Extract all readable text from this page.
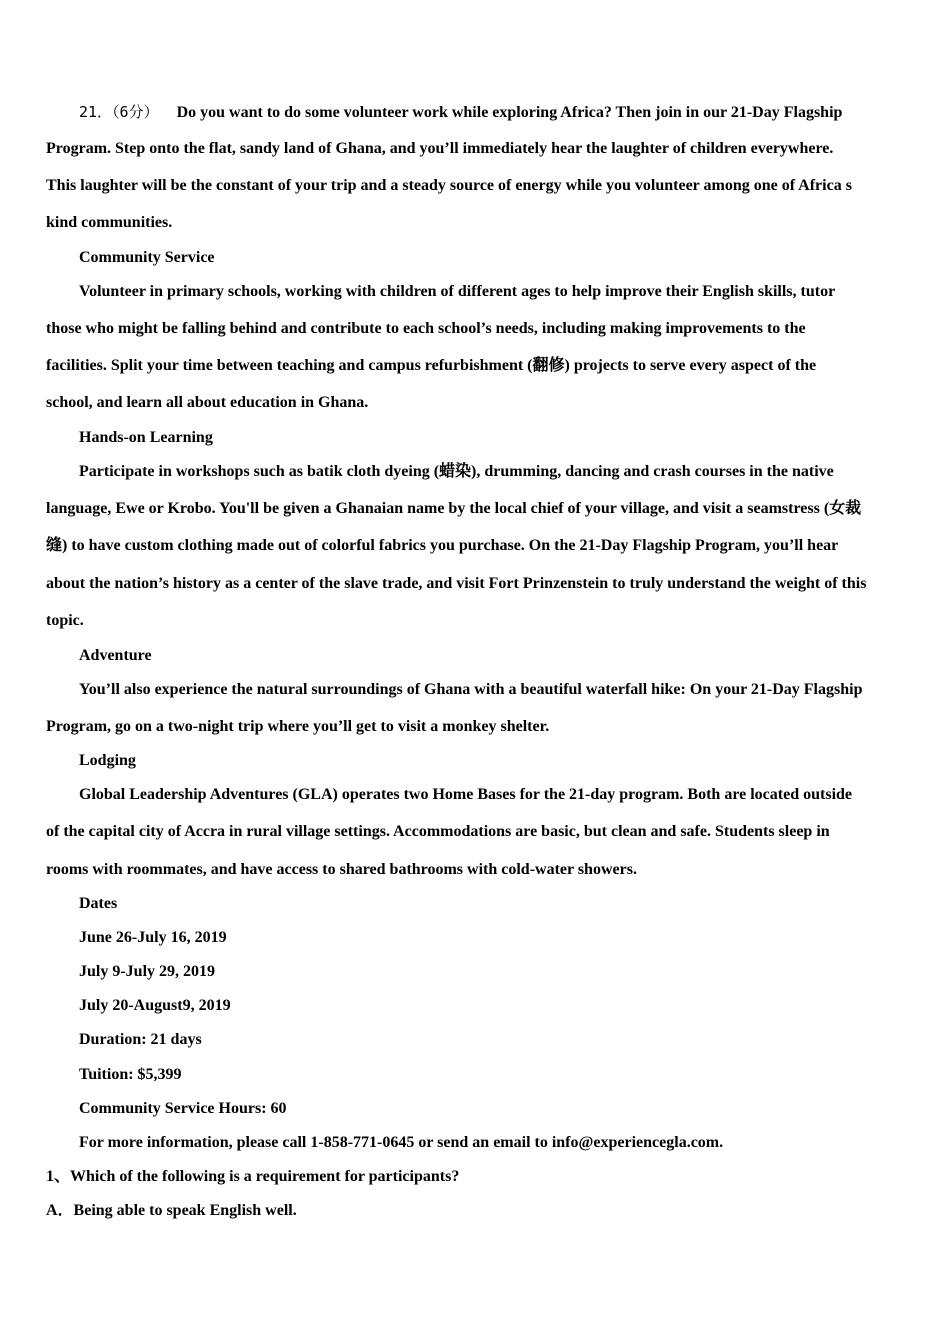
21．（6分） Do you want to do some volunteer work while exploring Africa? Then join in our 21-Day Flagship
Program. Step onto the flat, sandy land of Ghana, and you’ll immediately hear the laughter of children everywhere.
This laughter will be the constant of your trip and a steady source of energy while you volunteer among one of Africa s
kind communities.
Community Service
Volunteer in primary schools, working with children of different ages to help improve their English skills, tutor
those who might be falling behind and contribute to each school’s needs, including making improvements to the
facilities. Split your time between teaching and campus refurbishment (翻修) projects to serve every aspect of the
school, and learn all about education in Ghana.
Hands-on Learning
Participate in workshops such as batik cloth dyeing (蜡染), drumming, dancing and crash courses in the native
language, Ewe or Krobo. You'll be given a Ghanaian name by the local chief of your village, and visit a seamstress (女裁
缝) to have custom clothing made out of colorful fabrics you purchase. On the 21-Day Flagship Program, you’ll hear
about the nation’s history as a center of the slave trade, and visit Fort Prinzenstein to truly understand the weight of this
topic.
Adventure
You’ll also experience the natural surroundings of Ghana with a beautiful waterfall hike: On your 21-Day Flagship
Program, go on a two-night trip where you’ll get to visit a monkey shelter.
Lodging
Global Leadership Adventures (GLA) operates two Home Bases for the 21-day program. Both are located outside
of the capital city of Accra in rural village settings. Accommodations are basic, but clean and safe. Students sleep in
rooms with roommates, and have access to shared bathrooms with cold-water showers.
Dates
June 26-July 16, 2019
July 9-July 29, 2019
July 20-August9, 2019
Duration: 21 days
Tuition: $5,399
Community Service Hours: 60
For more information, please call 1-858-771-0645 or send an email to info@experiencegla.com.
1、Which of the following is a requirement for participants?
A．Being able to speak English well.
